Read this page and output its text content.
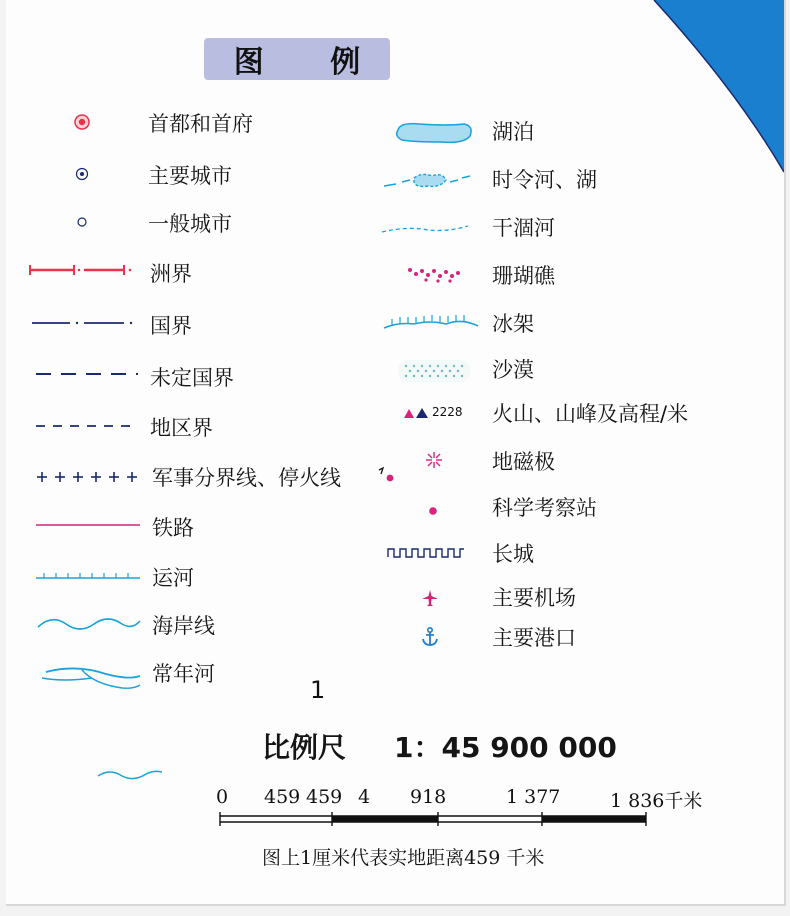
图 例
首都和首府
主要城市
一般城市
洲界
国界
未定国界
地区界
军事分界线、停火线
铁路
运河
海岸线
常年河
1
2228
湖泊
时令河、湖
干涸河
珊瑚礁
冰架
沙漠
火山、山峰及高程/米
地磁极
科学考察站
长城
主要机场
主要港口
比例尺 1：45 900 000
0 459 459 4 918	1 377	1 836千米
图上1厘米代表实地距离459 千米
